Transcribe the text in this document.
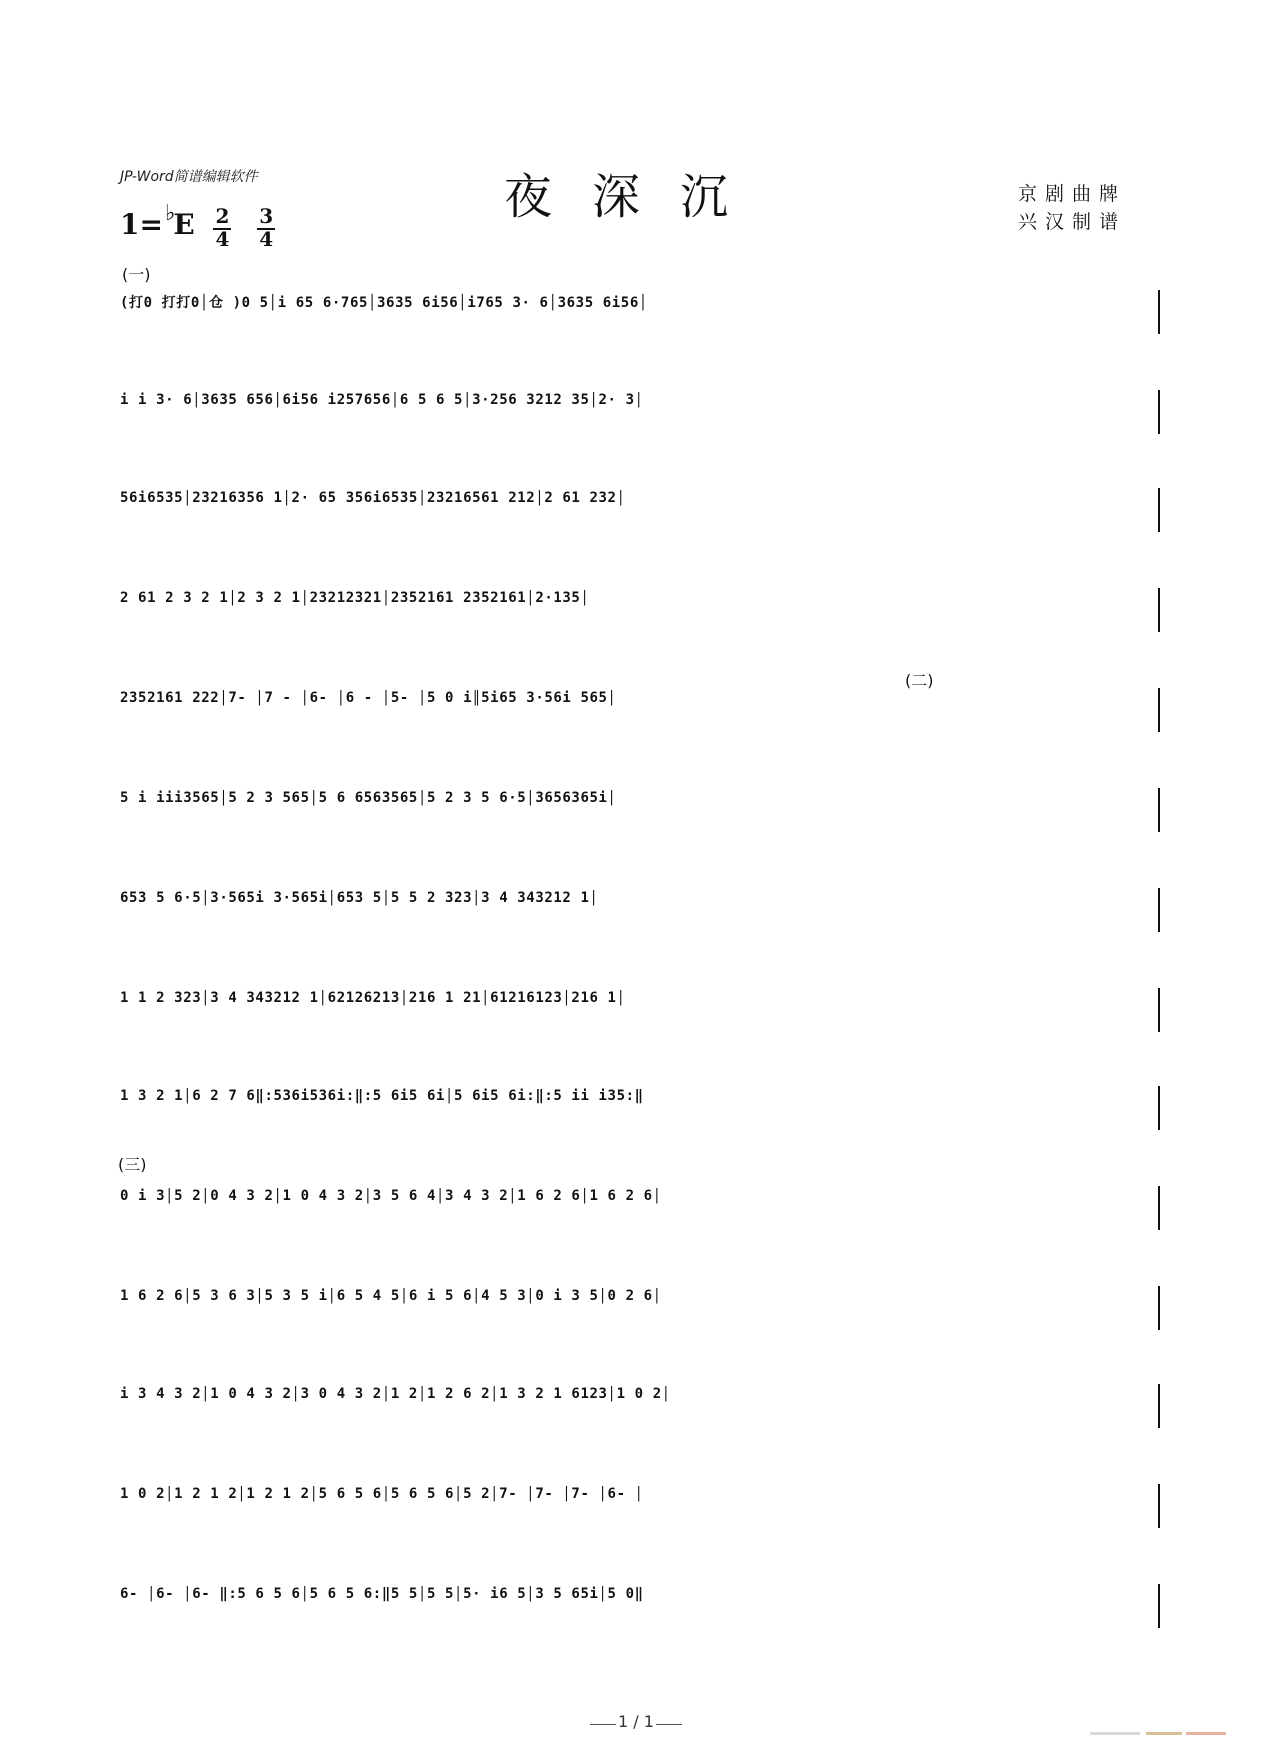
JP-Word简谱编辑软件
$1=^♭E \frac{2}{4}$
$\frac{3}{4}$
夜深沉	京剧曲牌
兴汉制谱
(一)
(二)
(三)
(打0 打打0│仓 )0 5│i 65 6·765│3635 6i56│i765 3· 6│3635 6i56│
i i 3· 6│3635 656│6i56 i257656│6 5 6 5│3·256 3212 35│2· 3│
56i6535│23216356 1│2· 65 356i6535│23216561 212│2 61 232│
2 61 2 3 2 1│2 3 2 1│23212321│2352161 2352161│2·135│
2352161 222│7- │7 - │6- │6 - │5- │5 0 i║5i65 3·56i 565│
5 i iii3565│5 2 3 565│5 6 6563565│5 2 3 5 6·5│3656365i│
653 5 6·5│3·565i 3·565i│653 5│5 5 2 323│3 4 343212 1│
1 1 2 323│3 4 343212 1│62126213│216 1 21│61216123│216 1│
1 3 2 1│6 2 7 6‖:536i536i:‖:5 6i5 6i│5 6i5 6i:‖:5 ii i35:‖
0 i 3│5 2│0 4 3 2│1 0 4 3 2│3 5 6 4│3 4 3 2│1 6 2 6│1 6 2 6│
1 6 2 6│5 3 6 3│5 3 5 i│6 5 4 5│6 i 5 6│4 5 3│0 i 3 5│0 2 6│
i 3 4 3 2│1 0 4 3 2│3 0 4 3 2│1 2│1 2 6 2│1 3 2 1 6123│1 0 2│
1 0 2│1 2 1 2│1 2 1 2│5 6 5 6│5 6 5 6│5 2│7- │7- │7- │6- │
6- │6- │6- ‖:5 6 5 6│5 6 5 6:‖5 5│5 5│5· i6 5│3 5 65i│5 0‖
1 / 1
